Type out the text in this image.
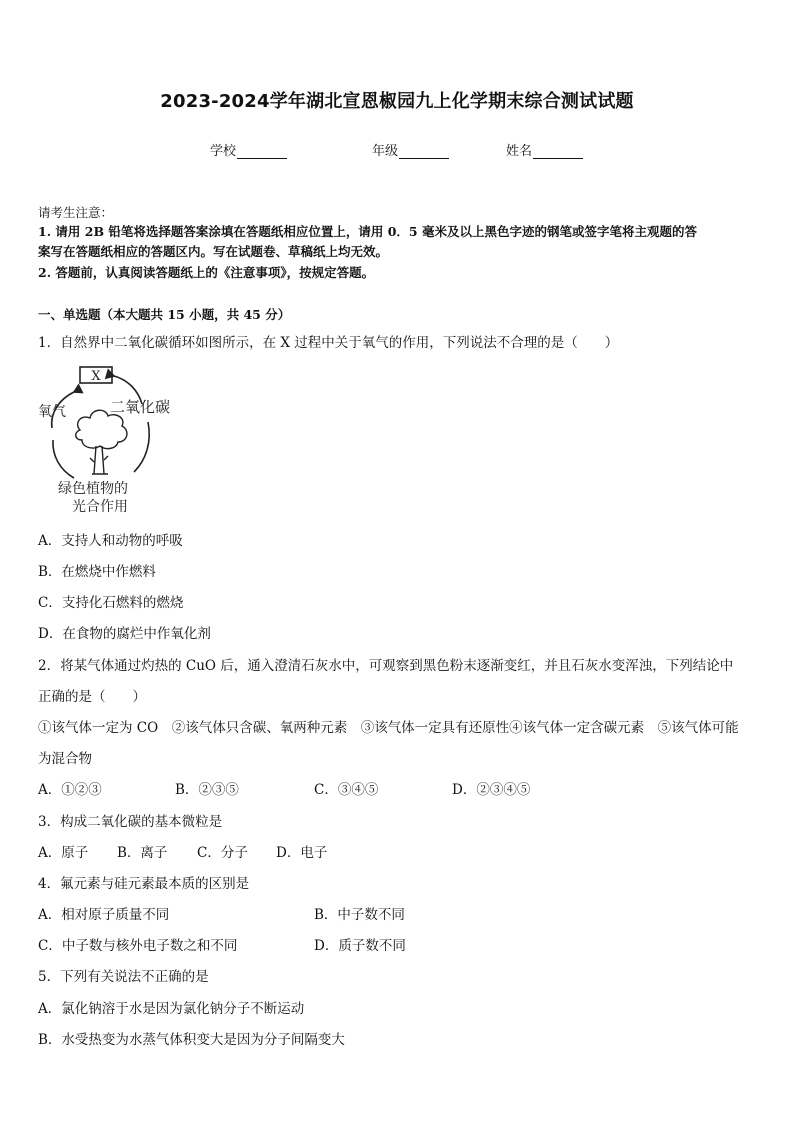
2023-2024学年湖北宣恩椒园九上化学期末综合测试试题
学校	年级	姓名
请考生注意：
1. 请用 2B 铅笔将选择题答案涂填在答题纸相应位置上，请用 0．5 毫米及以上黑色字迹的钢笔或签字笔将主观题的答
案写在答题纸相应的答题区内。写在试题卷、草稿纸上均无效。
2. 答题前，认真阅读答题纸上的《注意事项》，按规定答题。
一、单选题（本大题共 15 小题，共 45 分）
1．自然界中二氧化碳循环如图所示，在 X 过程中关于氧气的作用，下列说法不合理的是（　　）
X
氧气	二氧化碳
绿色植物的
光合作用
A．支持人和动物的呼吸
B．在燃烧中作燃料
C．支持化石燃料的燃烧
D．在食物的腐烂中作氧化剂
2．将某气体通过灼热的 CuO 后，通入澄清石灰水中，可观察到黑色粉末逐渐变红，并且石灰水变浑浊，下列结论中
正确的是（　　）
①该气体一定为 CO　②该气体只含碳、氧两种元素　③该气体一定具有还原性④该气体一定含碳元素　⑤该气体可能
为混合物
A．①②③	B．②③⑤	C．③④⑤	D．②③④⑤
3．构成二氧化碳的基本微粒是
A．原子 B．离子 C．分子 D．电子
4．氟元素与硅元素最本质的区别是
A．相对原子质量不同	B．中子数不同
C．中子数与核外电子数之和不同	D．质子数不同
5．下列有关说法不正确的是
A．氯化钠溶于水是因为氯化钠分子不断运动
B．水受热变为水蒸气体积变大是因为分子间隔变大
